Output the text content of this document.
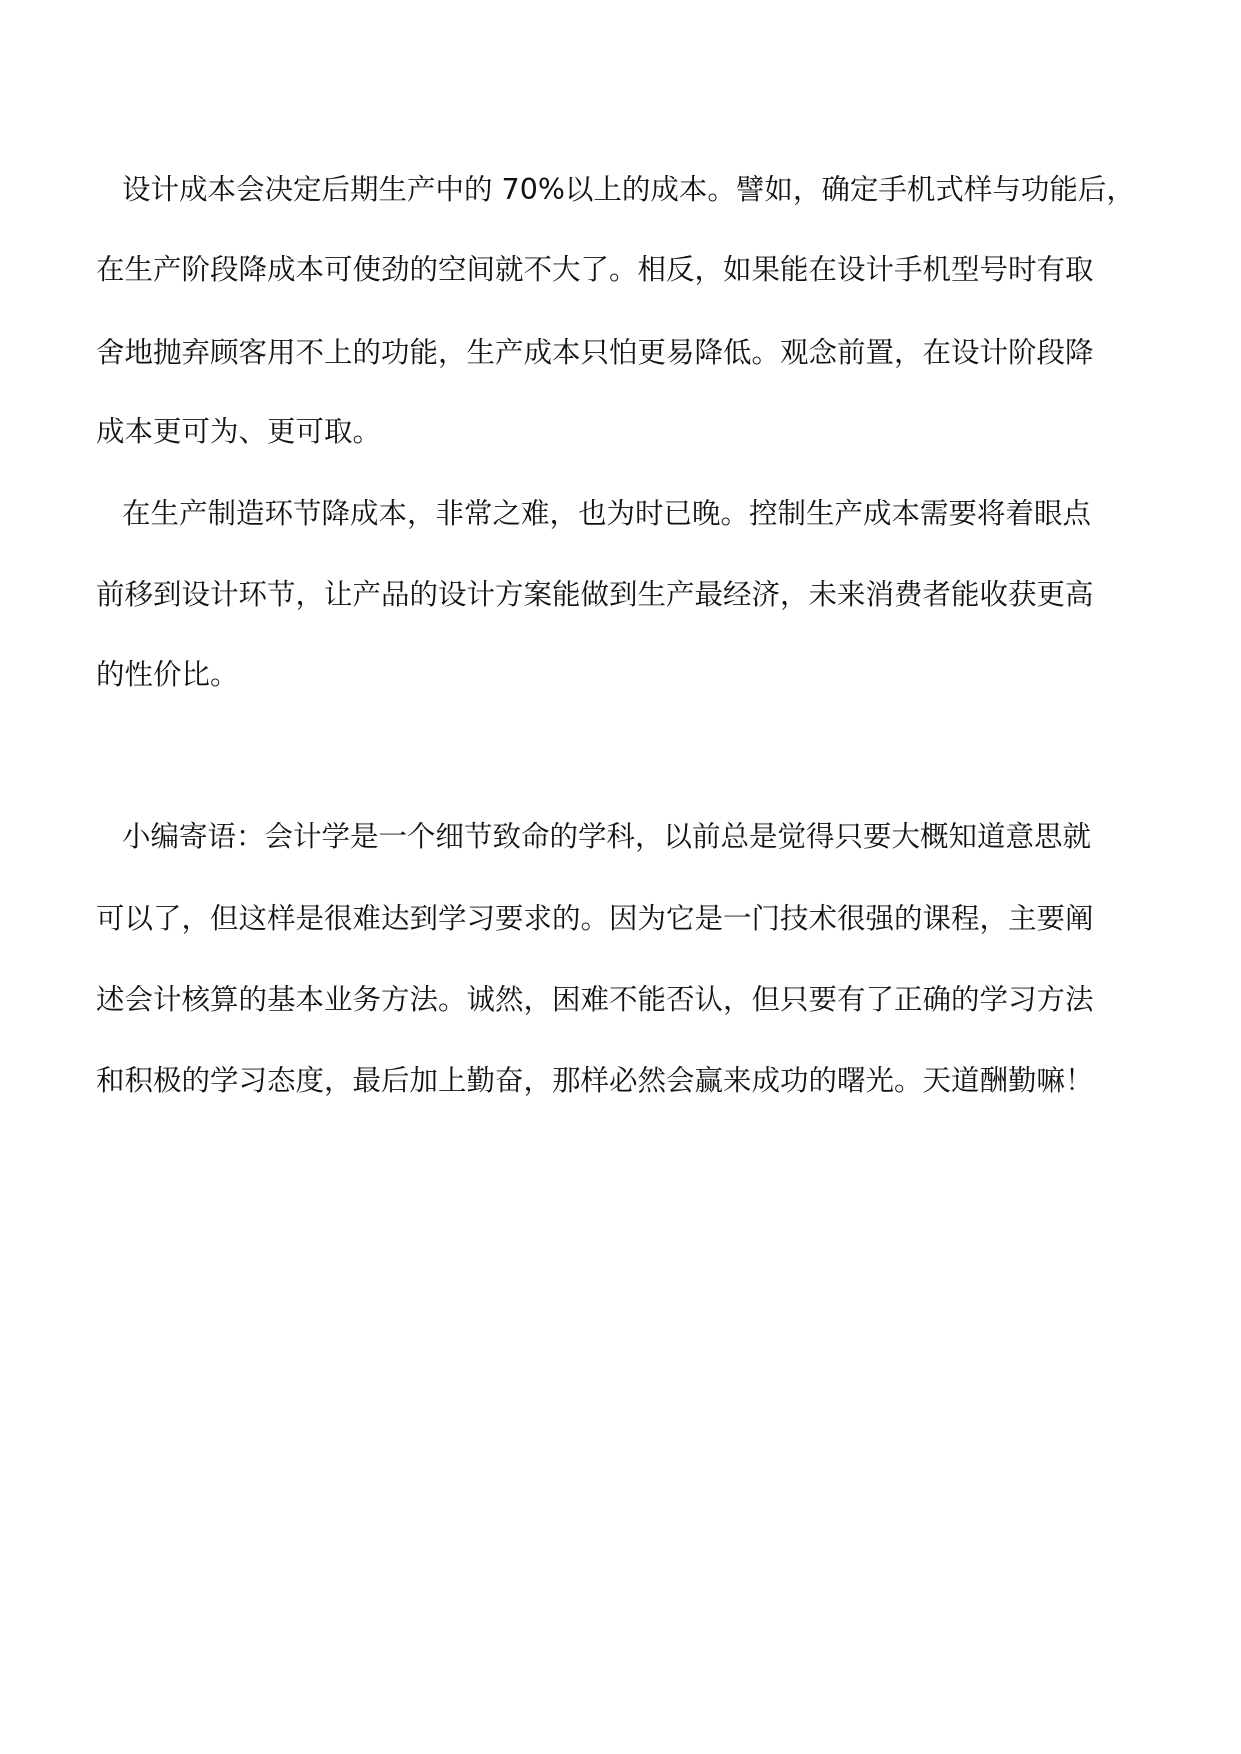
设计成本会决定后期生产中的 70%以上的成本。譬如，确定手机式样与功能后，
在生产阶段降成本可使劲的空间就不大了。相反，如果能在设计手机型号时有取
舍地抛弃顾客用不上的功能，生产成本只怕更易降低。观念前置，在设计阶段降
成本更可为、更可取。
在生产制造环节降成本，非常之难，也为时已晚。控制生产成本需要将着眼点
前移到设计环节，让产品的设计方案能做到生产最经济，未来消费者能收获更高
的性价比。
小编寄语：会计学是一个细节致命的学科，以前总是觉得只要大概知道意思就
可以了，但这样是很难达到学习要求的。因为它是一门技术很强的课程，主要阐
述会计核算的基本业务方法。诚然，困难不能否认，但只要有了正确的学习方法
和积极的学习态度，最后加上勤奋，那样必然会赢来成功的曙光。天道酬勤嘛！
